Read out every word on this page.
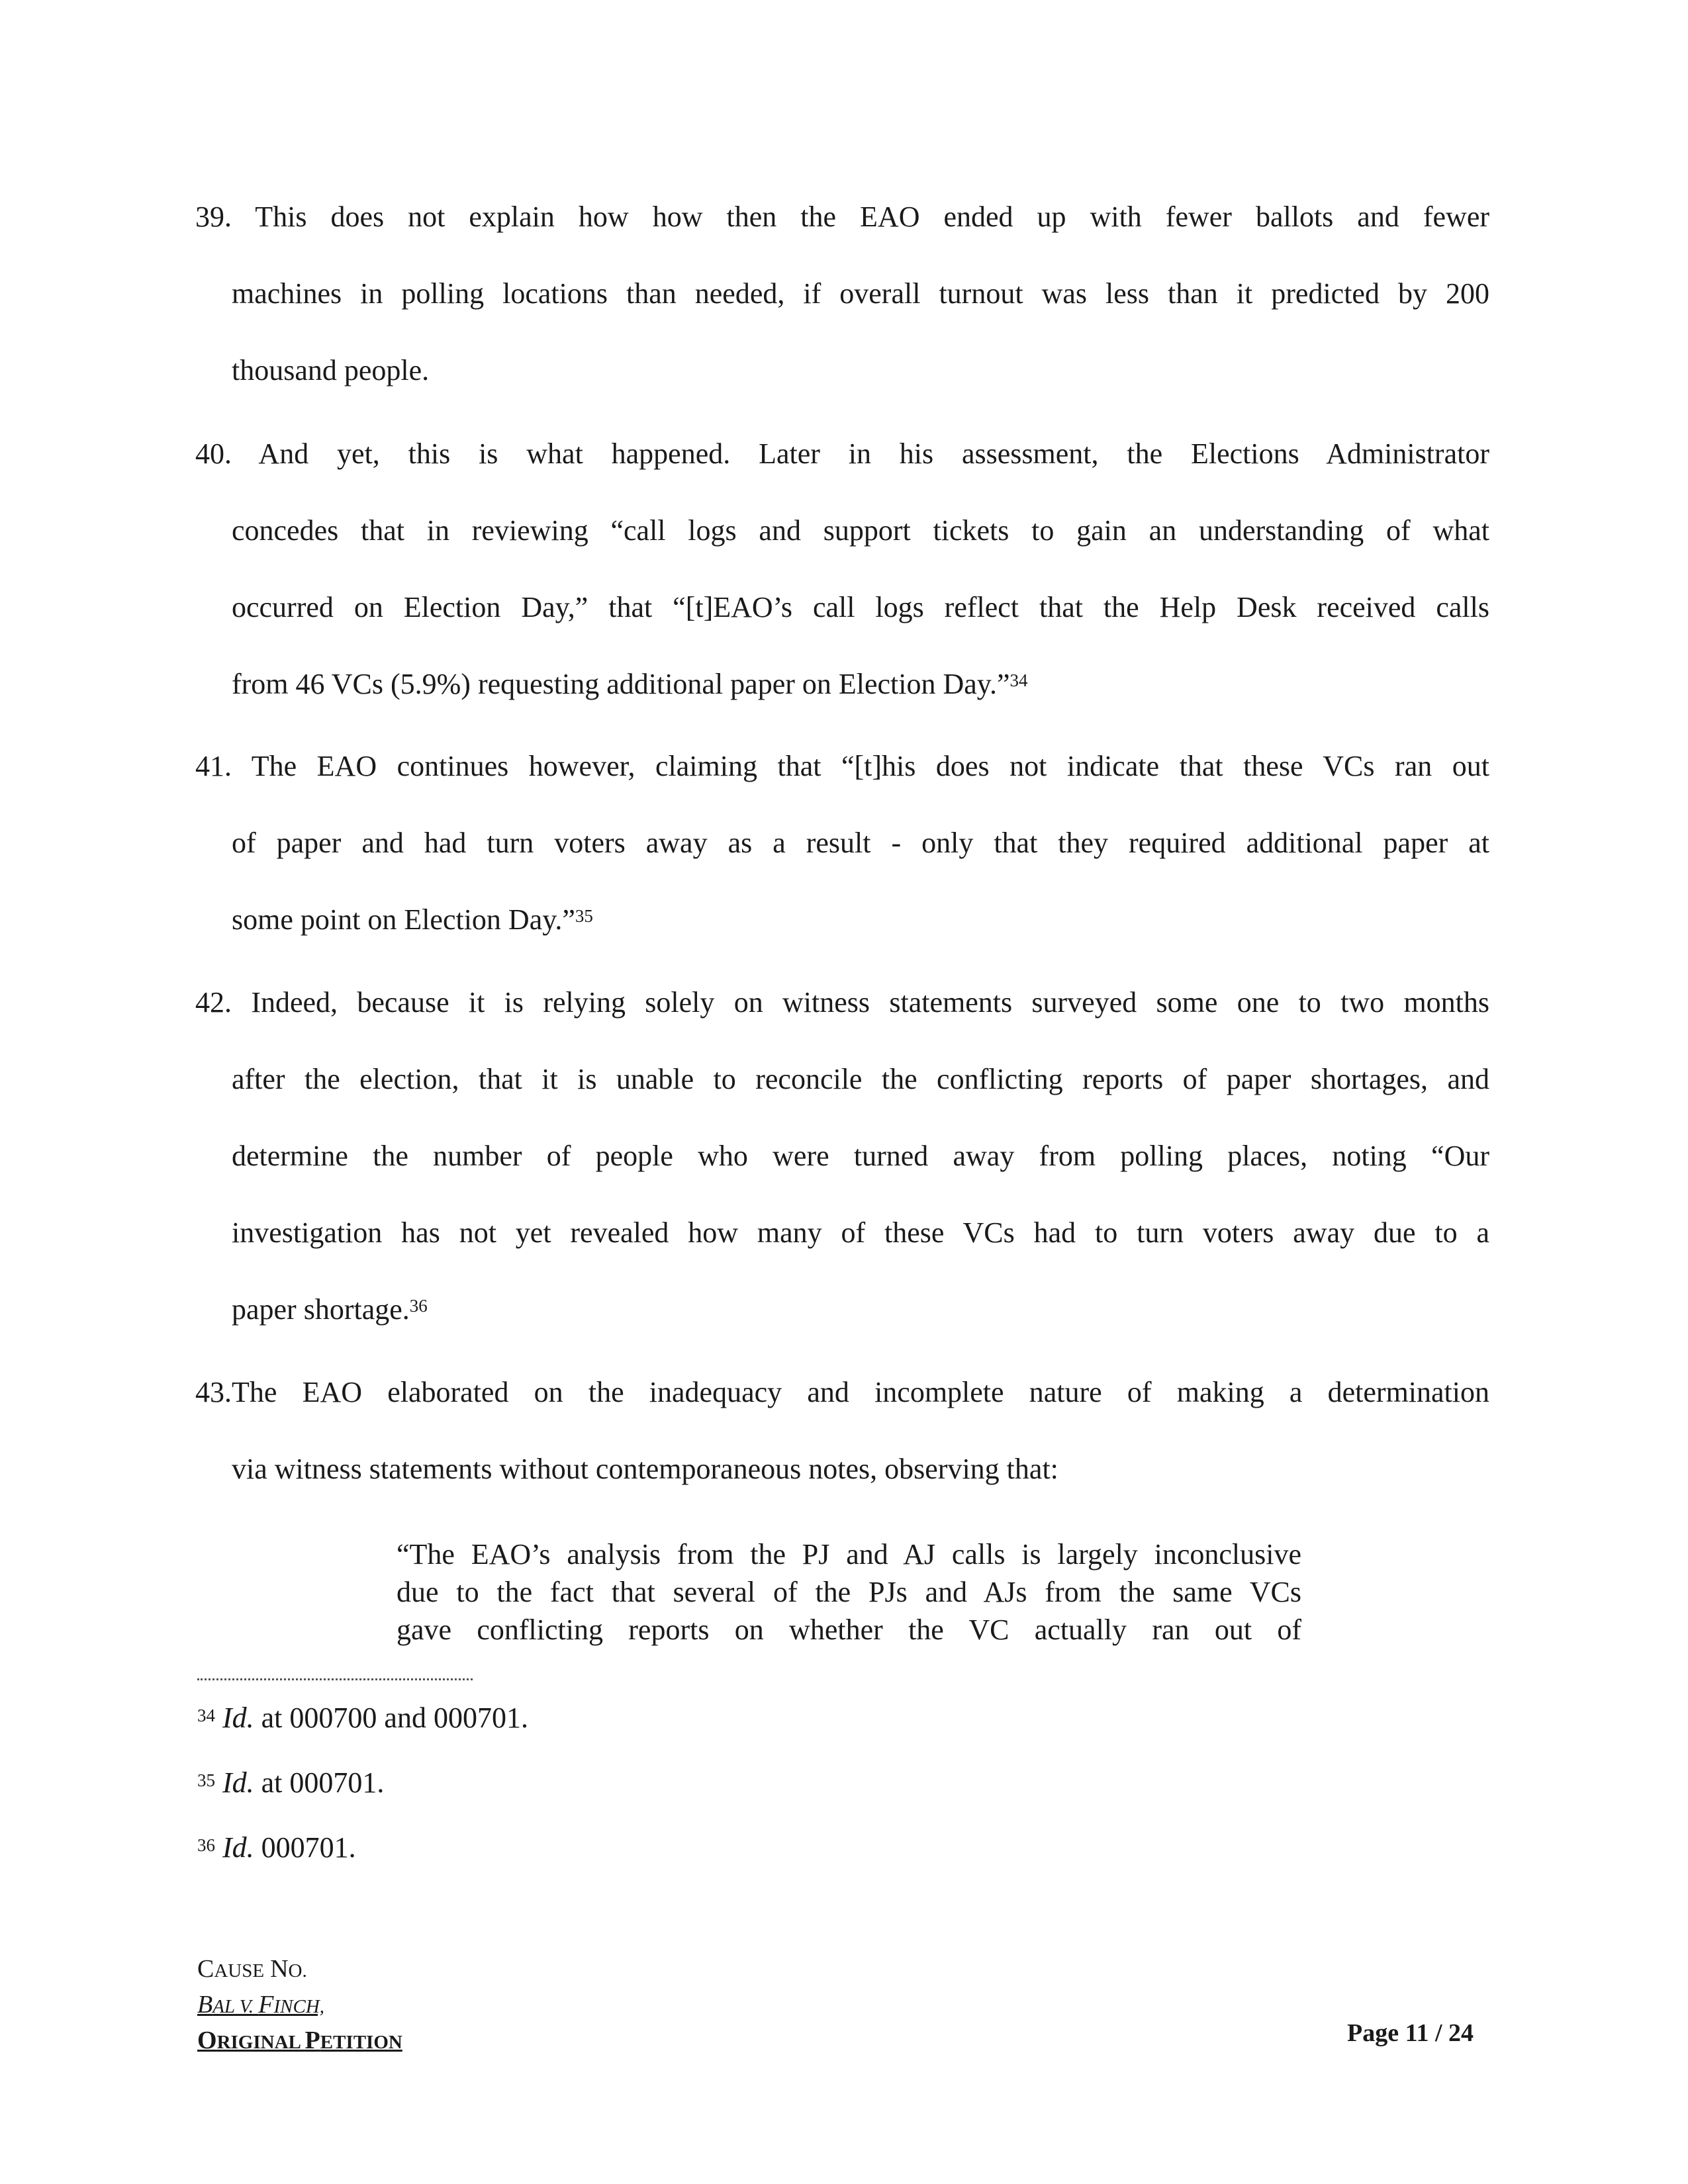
39. This does not explain how how then the EAO ended up with fewer ballots and fewer
machines in polling locations than needed, if overall turnout was less than it predicted by 200
thousand people.
40. And yet, this is what happened. Later in his assessment, the Elections Administrator
concedes that in reviewing “call logs and support tickets to gain an understanding of what
occurred on Election Day,” that “[t]EAO’s call logs reflect that the Help Desk received calls
from 46 VCs (5.9%) requesting additional paper on Election Day.”$^{34}$
41. The EAO continues however, claiming that “[t]his does not indicate that these VCs ran out
of paper and had turn voters away as a result - only that they required additional paper at
some point on Election Day.”$^{35}$
42. Indeed, because it is relying solely on witness statements surveyed some one to two months
after the election, that it is unable to reconcile the conflicting reports of paper shortages, and
determine the number of people who were turned away from polling places, noting “Our
investigation has not yet revealed how many of these VCs had to turn voters away due to a
paper shortage.$^{36}$
43.The EAO elaborated on the inadequacy and incomplete nature of making a determination
via witness statements without contemporaneous notes, observing that:
“The EAO’s analysis from the PJ and AJ calls is largely inconclusive
due to the fact that several of the PJs and AJs from the same VCs
gave conflicting reports on whether the VC actually ran out of
$^{34}$ Id. at 000700 and 000701.
$^{35}$ Id. at 000701.
$^{36}$ Id. 000701.
CAUSE NO.
BAL V. FINCH,
ORIGINAL PETITION	Page 11 / 24
